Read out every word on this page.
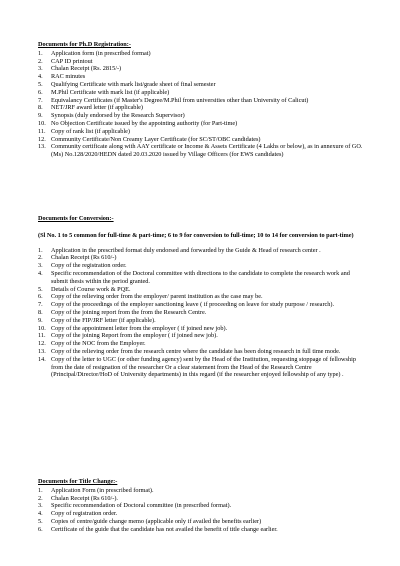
Documents for Ph.D Registration:-

1.	Application form (in prescribed format)
2.	CAP ID printout
3.	Chalan Receipt (Rs. 2815/-)
4.	RAC minutes
5.	Qualifying Certificate with mark list/grade sheet of final semester
6.	M.Phil Certificate with mark list (if applicable)
7.	Equivalancy Certificates (if Master's Degree/M.Phil from universities other than University of Calicut)
8.	NET/JRF award letter (if applicable)
9.	Synopsis (duly endorsed by the Research Supervisor)
10. No Objection Certificate issued by the appointing authority (for Part-time)
11. Copy of rank list (if applicable)
12. Community Certificate/Non Creamy Layer Certificate (for SC/ST/OBC candidates)
13. Community certificate along with AAY certificate or Income & Assets Certificate (4 Lakhs or below), as in annexure of GO.(Ms) No.128/2020/HEDN dated 20.03.2020 issued by Village Officers (for EWS candidates)

Documents for Conversion:-

(Sl No. 1 to 5 common for full-time & part-time; 6 to 9 for conversion to full-time; 10 to 14 for conversion to part-time)

1.	Application in the prescribed format duly endorsed and forwarded by the Guide & Head of research center .
2.	Chalan Receipt (Rs 610/-)
3.	Copy of the registration order.
4.	Specific recommendation of the Doctoral committee with directions to the candidate to complete the research work and submit thesis within the period granted.
5.	Details of Course work & PQE.
6.	Copy of the relieving order from the employer/ parent institution as the case may be.
7.	Copy of the proceedings of the employer sanctioning leave ( if proceeding on leave for study purpose / research).
8.	Copy of the joining report from the from the Research Centre.
9.	Copy of the FIP/JRF letter (if applicable).
10. Copy of the appointment letter from the employer ( if joined new job).
11. Copy of the joining Report from the employer ( if joined new job).
12. Copy of the NOC from the Employer.
13. Copy of the relieving order from the research centre where the candidate has been doing research in full time mode.
14. Copy of the letter to UGC (or other funding agency) sent by the Head of the Institution, requesting stoppage of fellowship from the date of resignation of the researcher Or a clear statement from the Head of the Research Centre (Principal/Director/HoD of University departments) in this regard (if the researcher enjoyed fellowship of any type) .

Documents for Title Change:-

1.	Application Form (in prescribed format).
2.	Chalan Receipt (Rs 610/-).
3.	Specific recommendation of Doctoral committee (in prescribed format).
4.	Copy of registration order.
5.	Copies of centre/guide change memo (applicable only if availed the benefits earlier)
6.	Certificate of the guide that the candidate has not availed the benefit of title change earlier.
